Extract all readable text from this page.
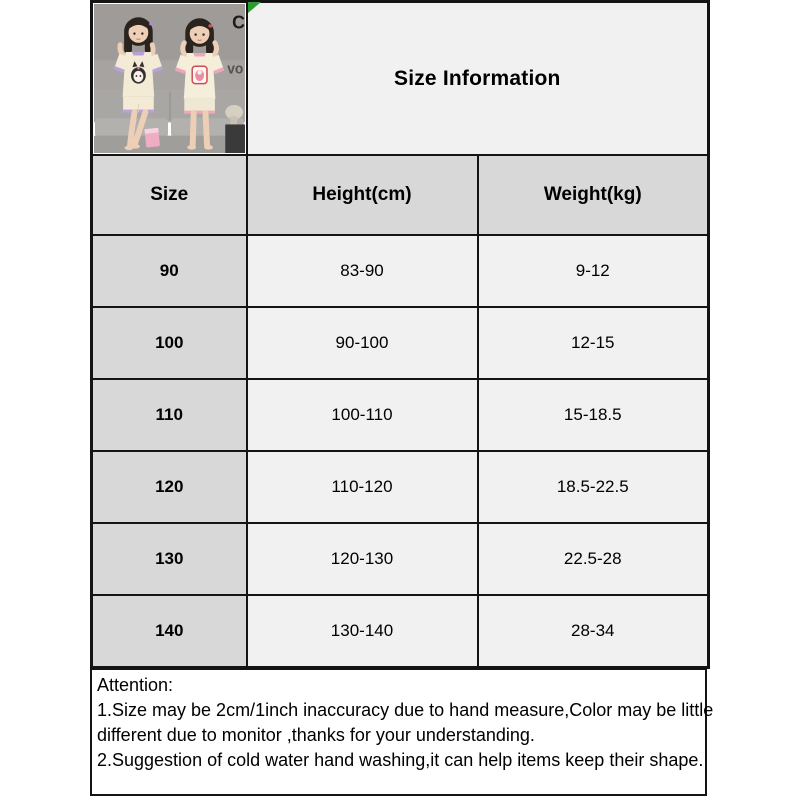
C
vo	Size Information	
Size	Height(cm)	Weight(kg)
90	83-90	9-12
100	90-100	12-15
110	100-110	15-18.5
120	110-120	18.5-22.5
130	120-130	22.5-28
140	130-140	28-34
Attention:
1.Size may be 2cm/1inch inaccuracy due to hand measure,Color may be little
different due to monitor ,thanks for your understanding.
2.Suggestion of cold water hand washing,it can help items keep their shape.
